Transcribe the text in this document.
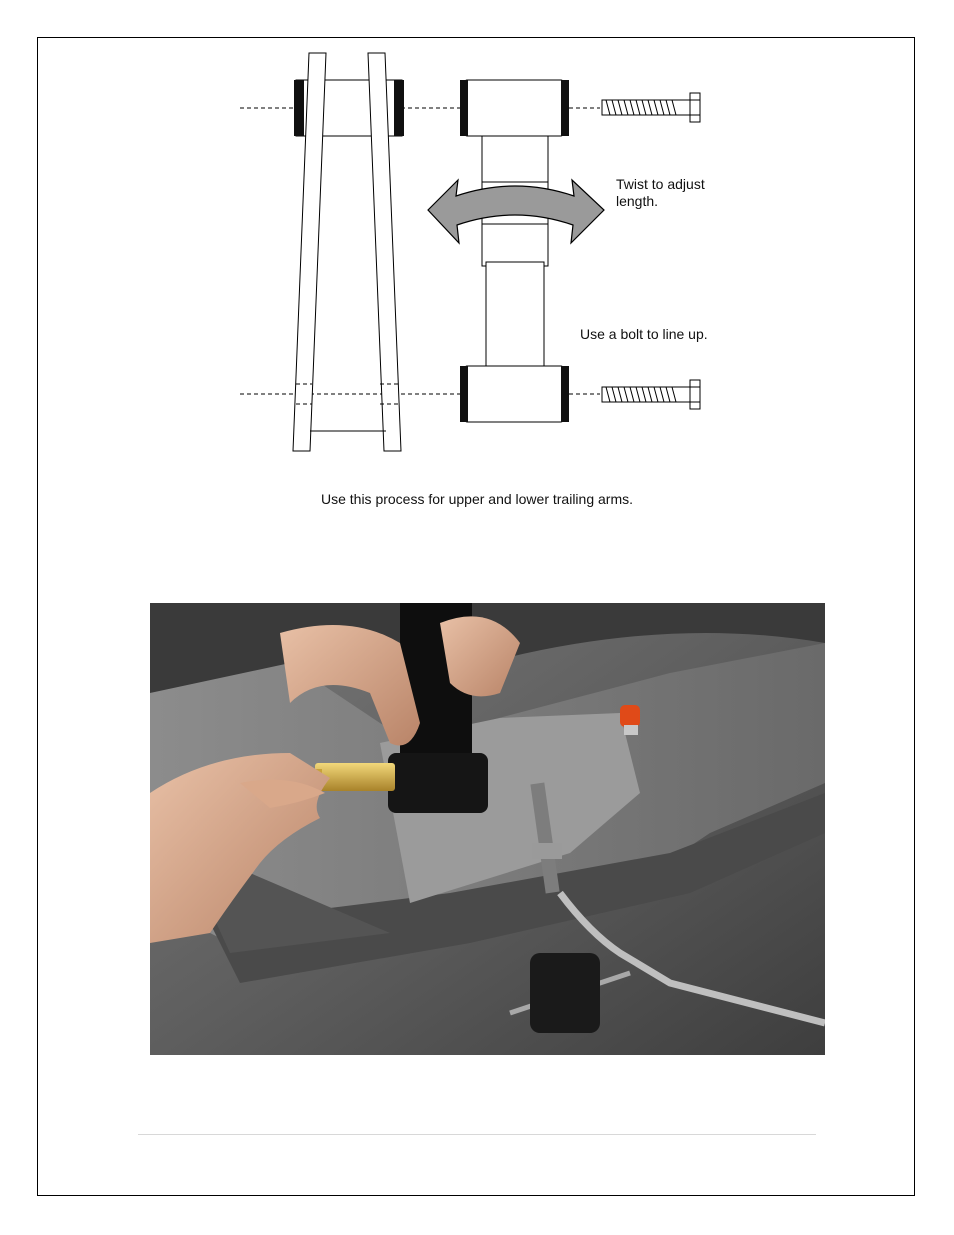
Twist to adjust
length.
Use a bolt to line up.
Use this process for upper and lower trailing arms.
